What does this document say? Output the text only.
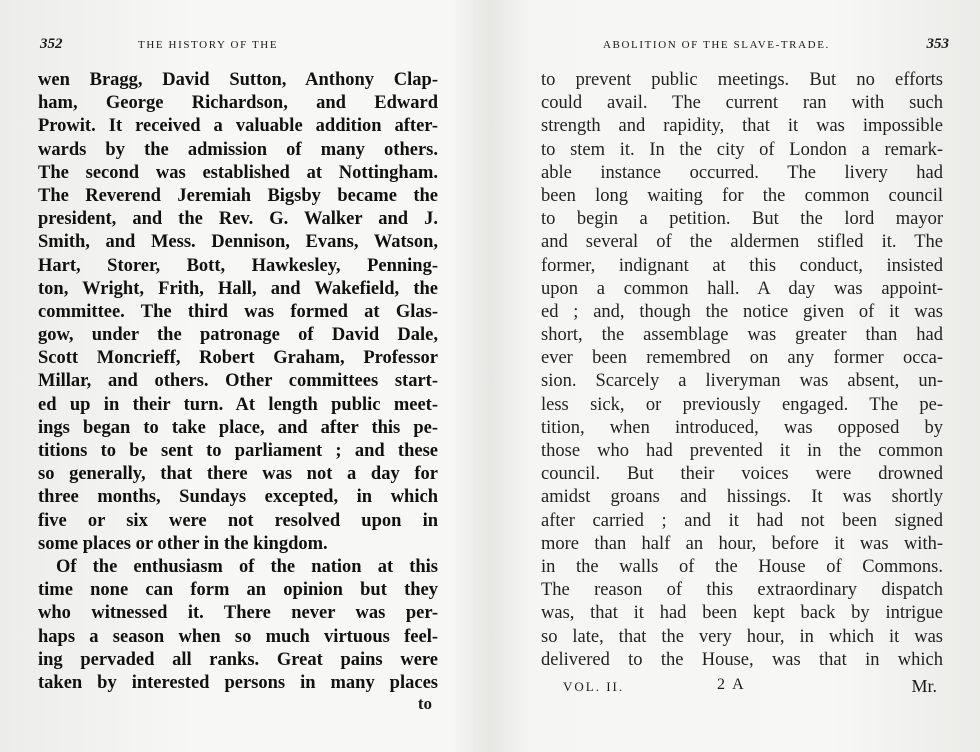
352	THE HISTORY OF THE
wen Bragg, David Sutton, Anthony Clap-
ham, George Richardson, and Edward
Prowit. It received a valuable addition after-
wards by the admission of many others.
The second was established at Nottingham.
The Reverend Jeremiah Bigsby became the
president, and the Rev. G. Walker and J.
Smith, and Mess. Dennison, Evans, Watson,
Hart, Storer, Bott, Hawkesley, Penning-
ton, Wright, Frith, Hall, and Wakefield, the
committee. The third was formed at Glas-
gow, under the patronage of David Dale,
Scott Moncrieff, Robert Graham, Professor
Millar, and others. Other committees start-
ed up in their turn. At length public meet-
ings began to take place, and after this pe-
titions to be sent to parliament ; and these
so generally, that there was not a day for
three months, Sundays excepted, in which
five or six were not resolved upon in
some places or other in the kingdom.
Of the enthusiasm of the nation at this
time none can form an opinion but they
who witnessed it. There never was per-
haps a season when so much virtuous feel-
ing pervaded all ranks. Great pains were
taken by interested persons in many places
to
ABOLITION OF THE SLAVE-TRADE.	353
to prevent public meetings. But no efforts
could avail. The current ran with such
strength and rapidity, that it was impossible
to stem it. In the city of London a remark-
able instance occurred. The livery had
been long waiting for the common council
to begin a petition. But the lord mayor
and several of the aldermen stifled it. The
former, indignant at this conduct, insisted
upon a common hall. A day was appoint-
ed ; and, though the notice given of it was
short, the assemblage was greater than had
ever been remembred on any former occa-
sion. Scarcely a liveryman was absent, un-
less sick, or previously engaged. The pe-
tition, when introduced, was opposed by
those who had prevented it in the common
council. But their voices were drowned
amidst groans and hissings. It was shortly
after carried ; and it had not been signed
more than half an hour, before it was with-
in the walls of the House of Commons.
The reason of this extraordinary dispatch
was, that it had been kept back by intrigue
so late, that the very hour, in which it was
delivered to the House, was that in which
VOL. II.	2 A	Mr.
